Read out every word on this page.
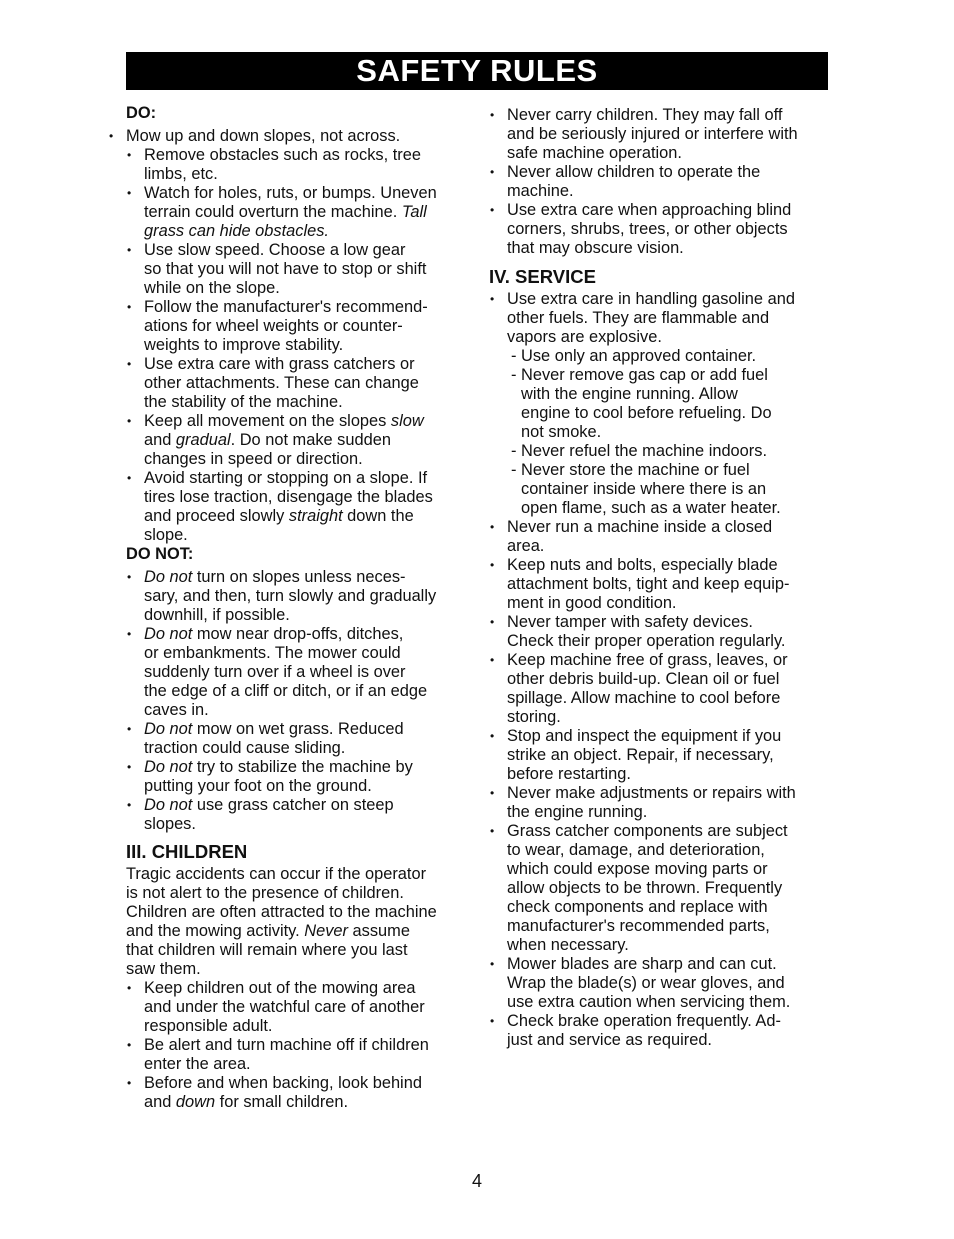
SAFETY RULES
DO:
• Mow up and down slopes, not across.
• Remove obstacles such as rocks, tree
limbs, etc.
• Watch for holes, ruts, or bumps. Uneven
terrain could overturn the machine. Tall
grass can hide obstacles.
• Use slow speed. Choose a low gear
so that you will not have to stop or shift
while on the slope.
• Follow the manufacturer's recommend-
ations for wheel weights or counter-
weights to improve stability.
• Use extra care with grass catchers or
other attachments. These can change
the stability of the machine.
• Keep all movement on the slopes slow
and gradual. Do not make sudden
changes in speed or direction.
• Avoid starting or stopping on a slope. If
tires lose traction, disengage the blades
and proceed slowly straight down the
slope.
DO NOT:
• Do not turn on slopes unless neces-
sary, and then, turn slowly and gradually
downhill, if possible.
• Do not mow near drop-offs, ditches,
or embankments. The mower could
suddenly turn over if a wheel is over
the edge of a cliff or ditch, or if an edge
caves in.
• Do not mow on wet grass. Reduced
traction could cause sliding.
• Do not try to stabilize the machine by
putting your foot on the ground.
• Do not use grass catcher on steep
slopes.
III. CHILDREN
Tragic accidents can occur if the operator
is not alert to the presence of children.
Children are often attracted to the machine
and the mowing activity. Never assume
that children will remain where you last
saw them.
• Keep children out of the mowing area
and under the watchful care of another
responsible adult.
• Be alert and turn machine off if children
enter the area.
• Before and when backing, look behind
and down for small children.
• Never carry children. They may fall off
and be seriously injured or interfere with
safe machine operation.
• Never allow children to operate the
machine.
• Use extra care when approaching blind
corners, shrubs, trees, or other objects
that may obscure vision.
IV. SERVICE
• Use extra care in handling gasoline and
other fuels. They are flammable and
vapors are explosive.
- Use only an approved container.
- Never remove gas cap or add fuel
with the engine running. Allow
engine to cool before refueling. Do
not smoke.
- Never refuel the machine indoors.
- Never store the machine or fuel
container inside where there is an
open flame, such as a water heater.
• Never run a machine inside a closed
area.
• Keep nuts and bolts, especially blade
attachment bolts, tight and keep equip-
ment in good condition.
• Never tamper with safety devices.
Check their proper operation regularly.
• Keep machine free of grass, leaves, or
other debris build-up. Clean oil or fuel
spillage. Allow machine to cool before
storing.
• Stop and inspect the equipment if you
strike an object. Repair, if necessary,
before restarting.
• Never make adjustments or repairs with
the engine running.
• Grass catcher components are subject
to wear, damage, and deterioration,
which could expose moving parts or
allow objects to be thrown. Frequently
check components and replace with
manufacturer's recommended parts,
when necessary.
• Mower blades are sharp and can cut.
Wrap the blade(s) or wear gloves, and
use extra caution when servicing them.
• Check brake operation frequently. Ad-
just and service as required.
4
